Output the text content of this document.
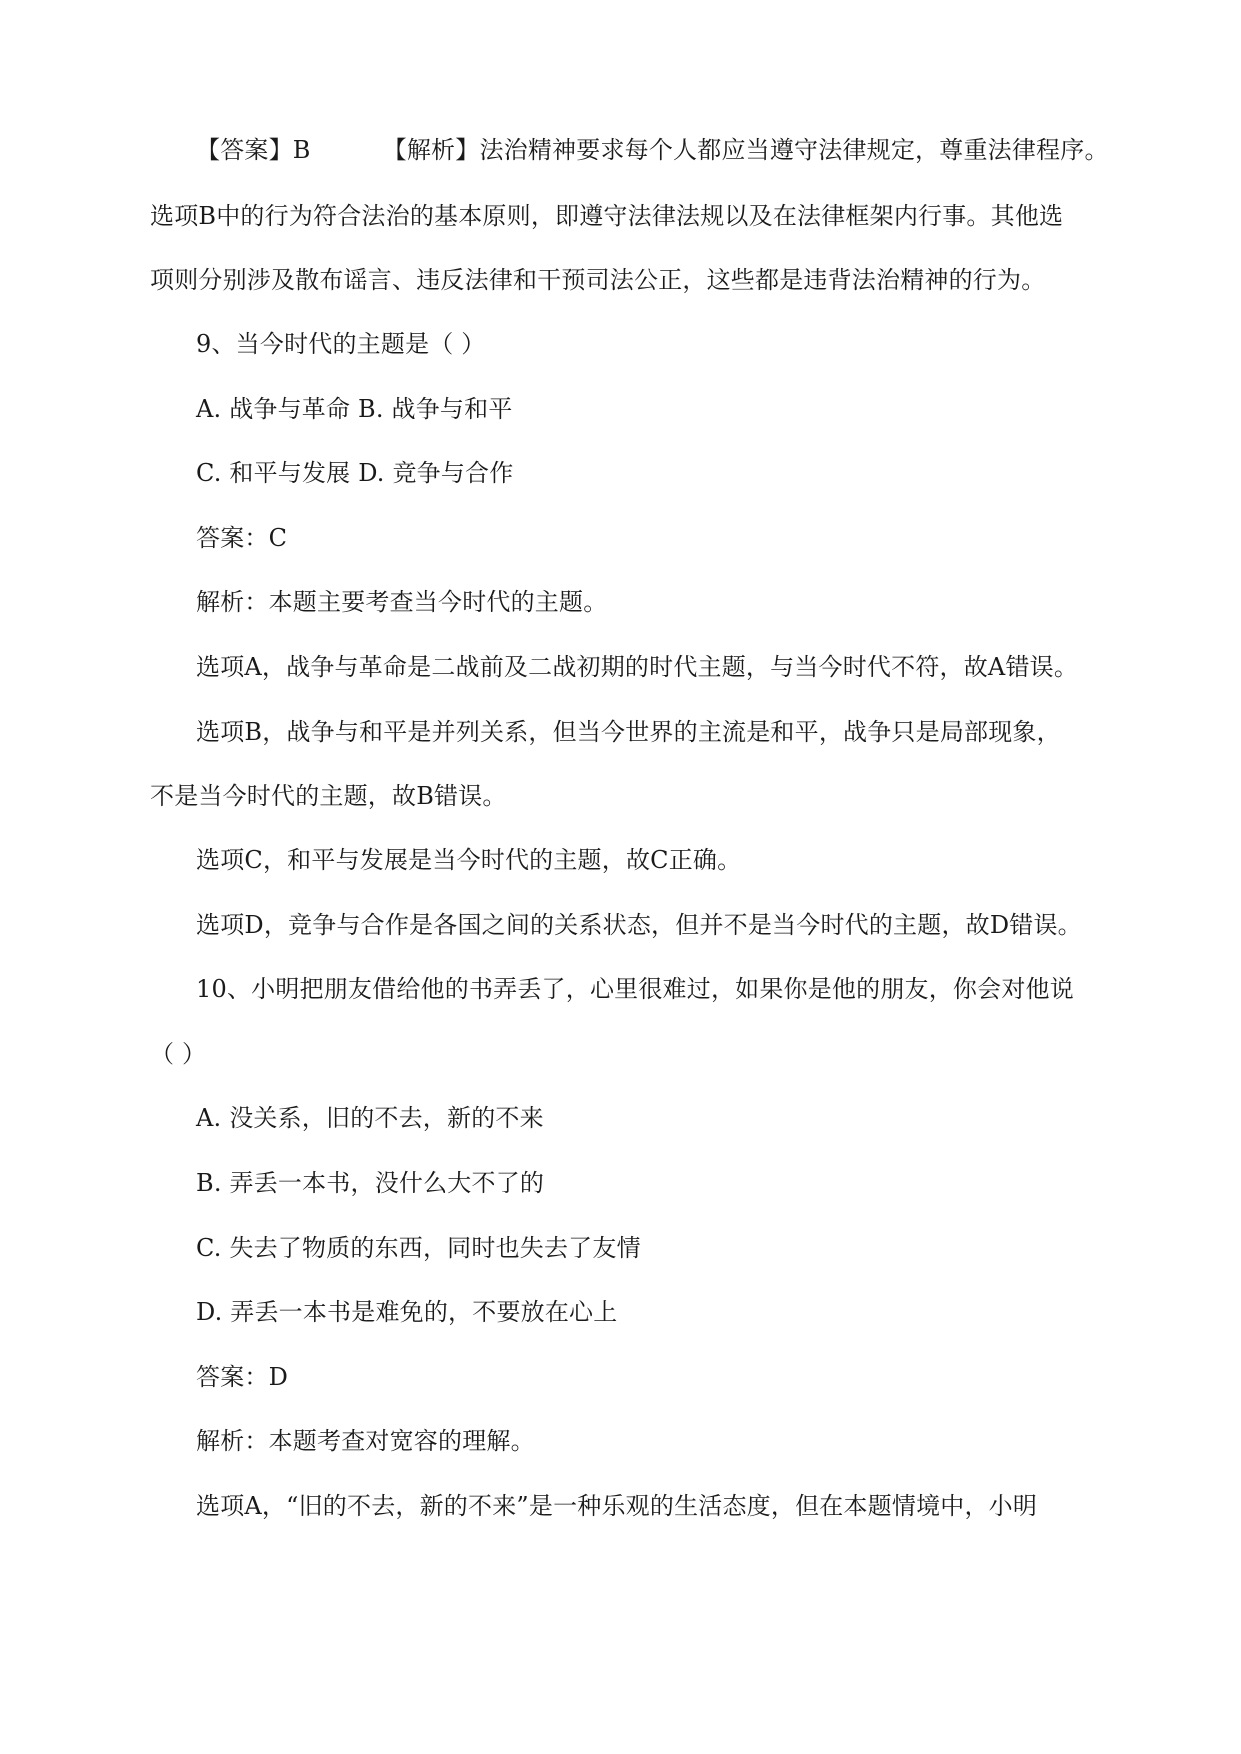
【答案】B	【解析】法治精神要求每个人都应当遵守法律规定，尊重法律程序。
选项B中的行为符合法治的基本原则，即遵守法律法规以及在法律框架内行事。其他选
项则分别涉及散布谣言、违反法律和干预司法公正，这些都是违背法治精神的行为。
9、当今时代的主题是（ ）
A. 战争与革命 B. 战争与和平
C. 和平与发展 D. 竞争与合作
答案：C
解析：本题主要考查当今时代的主题。
选项A，战争与革命是二战前及二战初期的时代主题，与当今时代不符，故A错误。
选项B，战争与和平是并列关系，但当今世界的主流是和平，战争只是局部现象，
不是当今时代的主题，故B错误。
选项C，和平与发展是当今时代的主题，故C正确。
选项D，竞争与合作是各国之间的关系状态，但并不是当今时代的主题，故D错误。
10、小明把朋友借给他的书弄丢了，心里很难过，如果你是他的朋友，你会对他说
（ ）
A. 没关系，旧的不去，新的不来
B. 弄丢一本书，没什么大不了的
C. 失去了物质的东西，同时也失去了友情
D. 弄丢一本书是难免的，不要放在心上
答案：D
解析：本题考查对宽容的理解。
选项A，“旧的不去，新的不来”是一种乐观的生活态度，但在本题情境中，小明
